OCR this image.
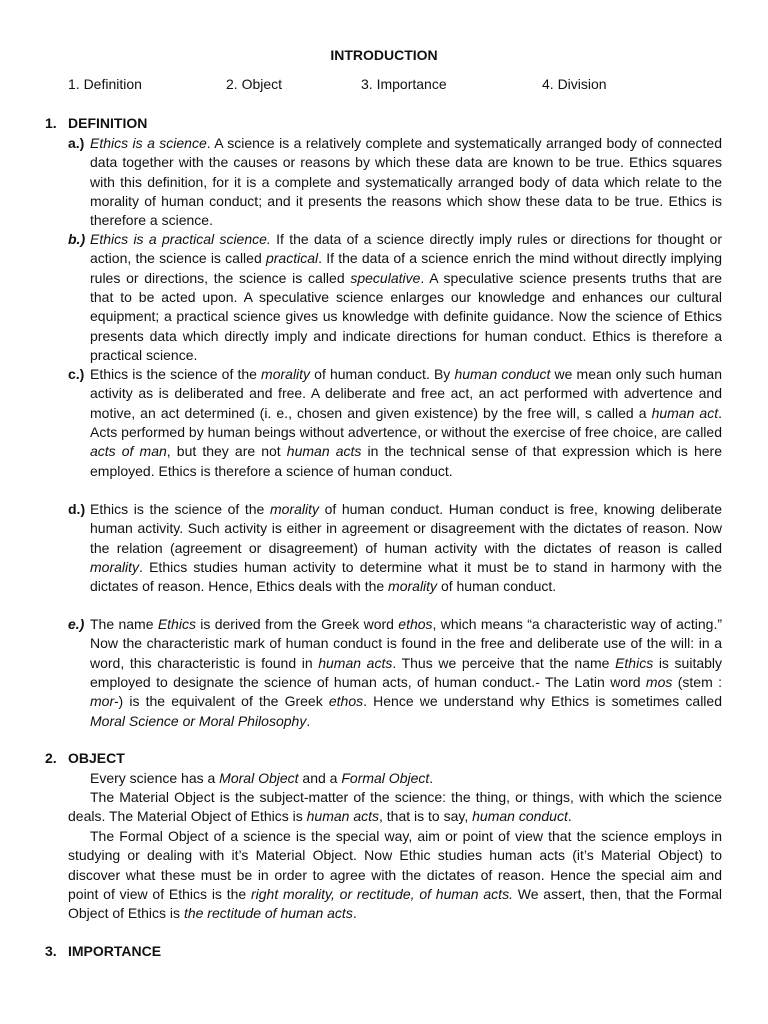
INTRODUCTION
1. Definition	2. Object	3. Importance	4. Division
1. DEFINITION
a.) Ethics is a science. A science is a relatively complete and systematically arranged body of connected data together with the causes or reasons by which these data are known to be true. Ethics squares with this definition, for it is a complete and systematically arranged body of data which relate to the morality of human conduct; and it presents the reasons which show these data to be true. Ethics is therefore a science.
b.) Ethics is a practical science. If the data of a science directly imply rules or directions for thought or action, the science is called practical. If the data of a science enrich the mind without directly implying rules or directions, the science is called speculative. A speculative science presents truths that are that to be acted upon. A speculative science enlarges our knowledge and enhances our cultural equipment; a practical science gives us knowledge with definite guidance. Now the science of Ethics presents data which directly imply and indicate directions for human conduct. Ethics is therefore a practical science.
c.) Ethics is the science of the morality of human conduct. By human conduct we mean only such human activity as is deliberated and free. A deliberate and free act, an act performed with advertence and motive, an act determined (i. e., chosen and given existence) by the free will, s called a human act. Acts performed by human beings without advertence, or without the exercise of free choice, are called acts of man, but they are not human acts in the technical sense of that expression which is here employed. Ethics is therefore a science of human conduct.
d.) Ethics is the science of the morality of human conduct. Human conduct is free, knowing deliberate human activity. Such activity is either in agreement or disagreement with the dictates of reason. Now the relation (agreement or disagreement) of human activity with the dictates of reason is called morality. Ethics studies human activity to determine what it must be to stand in harmony with the dictates of reason. Hence, Ethics deals with the morality of human conduct.
e.) The name Ethics is derived from the Greek word ethos, which means “a characteristic way of acting.” Now the characteristic mark of human conduct is found in the free and deliberate use of the will: in a word, this characteristic is found in human acts. Thus we perceive that the name Ethics is suitably employed to designate the science of human acts, of human conduct.- The Latin word mos (stem : mor-) is the equivalent of the Greek ethos. Hence we understand why Ethics is sometimes called Moral Science or Moral Philosophy.
2. OBJECT
Every science has a Moral Object and a Formal Object.
The Material Object is the subject-matter of the science: the thing, or things, with which the science deals. The Material Object of Ethics is human acts, that is to say, human conduct.
The Formal Object of a science is the special way, aim or point of view that the science employs in studying or dealing with it’s Material Object. Now Ethic studies human acts (it’s Material Object) to discover what these must be in order to agree with the dictates of reason. Hence the special aim and point of view of Ethics is the right morality, or rectitude, of human acts. We assert, then, that the Formal Object of Ethics is the rectitude of human acts.
3. IMPORTANCE
